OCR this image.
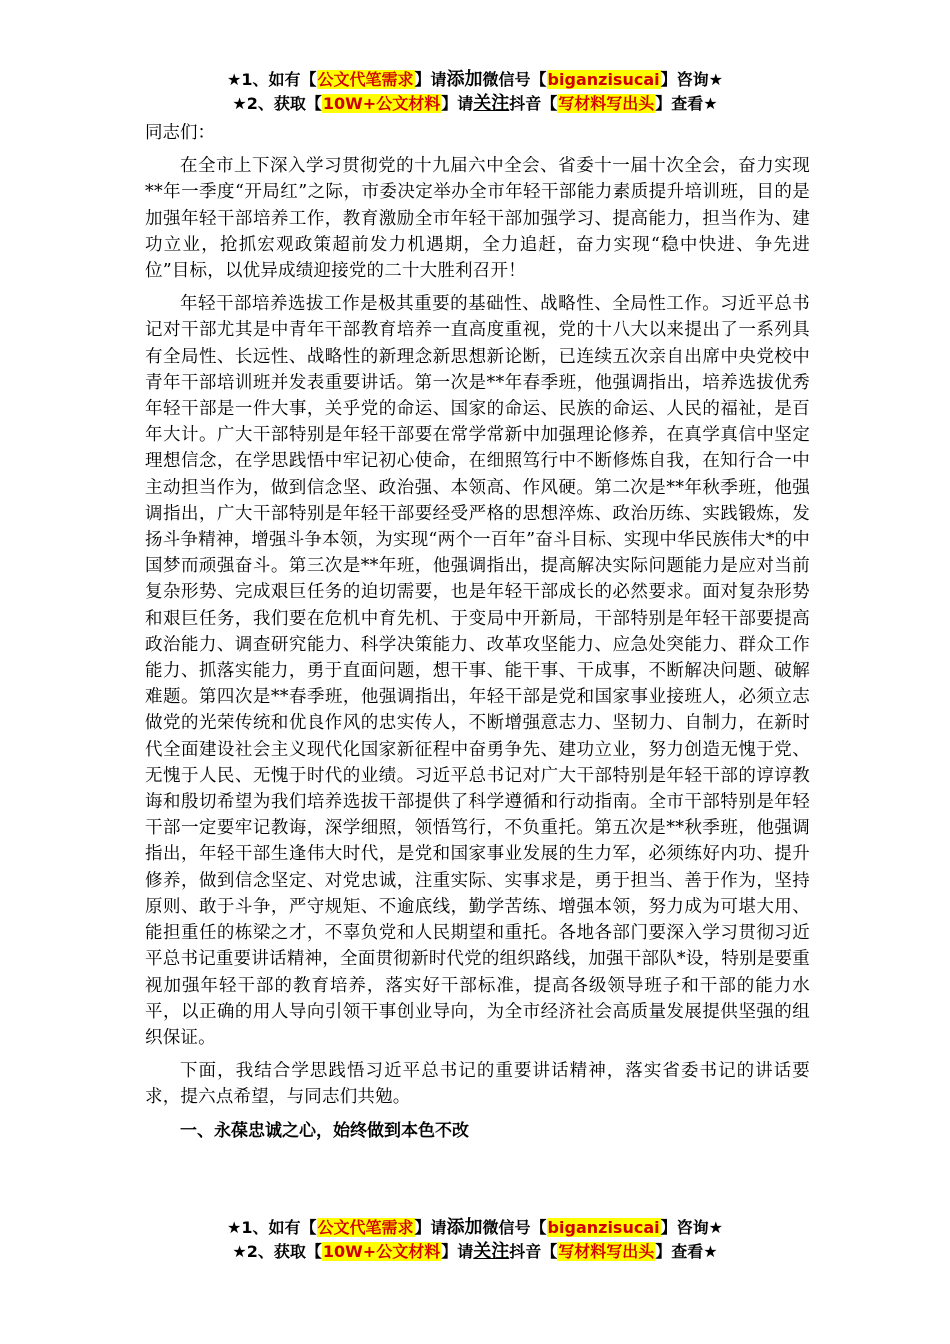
★1、如有【公文代笔需求】请添加微信号【biganzisucai】咨询★
★2、获取【10W+公文材料】请关注抖音【写材料写出头】查看★

同志们：

在全市上下深入学习贯彻党的十九届六中全会、省委十一届十次全会，奋力实现**年一季度“开局红”之际，市委决定举办全市年轻干部能力素质提升培训班，目的是加强年轻干部培养工作，教育激励全市年轻干部加强学习、提高能力，担当作为、建功立业，抢抓宏观政策超前发力机遇期，全力追赶，奋力实现“稳中快进、争先进位”目标，以优异成绩迎接党的二十大胜利召开！

年轻干部培养选拔工作是极其重要的基础性、战略性、全局性工作。习近平总书记对干部尤其是中青年干部教育培养一直高度重视，党的十八大以来提出了一系列具有全局性、长远性、战略性的新理念新思想新论断，已连续五次亲自出席中央党校中青年干部培训班并发表重要讲话。第一次是**年春季班，他强调指出，培养选拔优秀年轻干部是一件大事，关乎党的命运、国家的命运、民族的命运、人民的福祉，是百年大计。广大干部特别是年轻干部要在常学常新中加强理论修养，在真学真信中坚定理想信念，在学思践悟中牢记初心使命，在细照笃行中不断修炼自我，在知行合一中主动担当作为，做到信念坚、政治强、本领高、作风硬。第二次是**年秋季班，他强调指出，广大干部特别是年轻干部要经受严格的思想淬炼、政治历练、实践锻炼，发扬斗争精神，增强斗争本领，为实现“两个一百年”奋斗目标、实现中华民族伟大*的中国梦而顽强奋斗。第三次是**年班，他强调指出，提高解决实际问题能力是应对当前复杂形势、完成艰巨任务的迫切需要，也是年轻干部成长的必然要求。面对复杂形势和艰巨任务，我们要在危机中育先机、于变局中开新局，干部特别是年轻干部要提高政治能力、调查研究能力、科学决策能力、改革攻坚能力、应急处突能力、群众工作能力、抓落实能力，勇于直面问题，想干事、能干事、干成事，不断解决问题、破解难题。第四次是**春季班，他强调指出，年轻干部是党和国家事业接班人，必须立志做党的光荣传统和优良作风的忠实传人，不断增强意志力、坚韧力、自制力，在新时代全面建设社会主义现代化国家新征程中奋勇争先、建功立业，努力创造无愧于党、无愧于人民、无愧于时代的业绩。习近平总书记对广大干部特别是年轻干部的谆谆教诲和殷切希望为我们培养选拔干部提供了科学遵循和行动指南。全市干部特别是年轻干部一定要牢记教诲，深学细照，领悟笃行，不负重托。第五次是**秋季班，他强调指出，年轻干部生逢伟大时代，是党和国家事业发展的生力军，必须练好内功、提升修养，做到信念坚定、对党忠诚，注重实际、实事求是，勇于担当、善于作为，坚持原则、敢于斗争，严守规矩、不逾底线，勤学苦练、增强本领，努力成为可堪大用、能担重任的栋梁之才，不辜负党和人民期望和重托。各地各部门要深入学习贯彻习近平总书记重要讲话精神，全面贯彻新时代党的组织路线，加强干部队*设，特别是要重视加强年轻干部的教育培养，落实好干部标准，提高各级领导班子和干部的能力水平，以正确的用人导向引领干事创业导向，为全市经济社会高质量发展提供坚强的组织保证。

下面，我结合学思践悟习近平总书记的重要讲话精神，落实省委书记的讲话要求，提六点希望，与同志们共勉。

一、永葆忠诚之心，始终做到本色不改

★1、如有【公文代笔需求】请添加微信号【biganzisucai】咨询★
★2、获取【10W+公文材料】请关注抖音【写材料写出头】查看★
